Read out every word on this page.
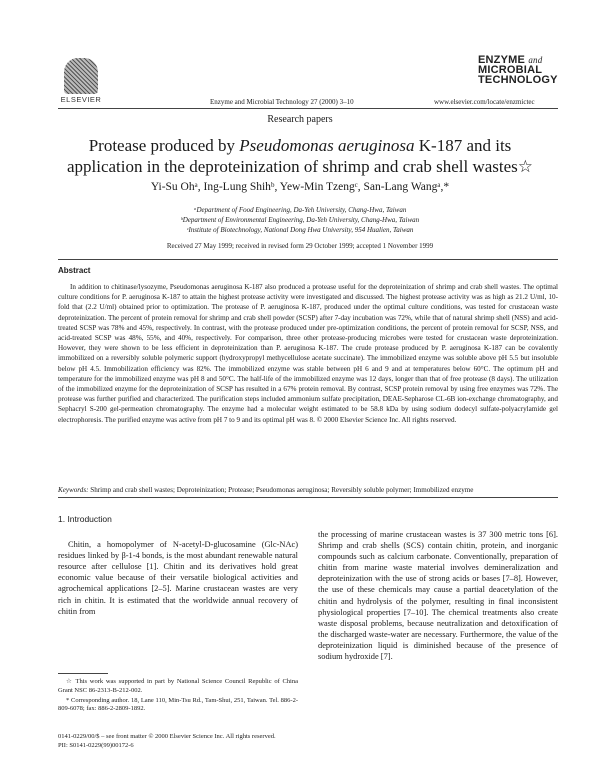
ELSEVIER	Enzyme and Microbial Technology 27 (2000) 3–10	www.elsevier.com/locate/enzmictec
ENZYME and
MICROBIAL
TECHNOLOGY
Research papers
Protease produced by Pseudomonas aeruginosa K-187 and its
application in the deproteinization of shrimp and crab shell wastes☆
Yi-Su Ohᵃ, Ing-Lung Shihᵇ, Yew-Min Tzengᶜ, San-Lang Wangᵃ,*
ᵃDepartment of Food Engineering, Da-Yeh University, Chang-Hwa, Taiwan
ᵇDepartment of Environmental Engineering, Da-Yeh University, Chang-Hwa, Taiwan
ᶜInstitute of Biotechnology, National Dong Hwa University, 954 Hualien, Taiwan
Received 27 May 1999; received in revised form 29 October 1999; accepted 1 November 1999
Abstract
In addition to chitinase/lysozyme, Pseudomonas aeruginosa K-187 also produced a protease useful for the deproteinization of shrimp and crab shell wastes. The optimal culture conditions for P. aeruginosa K-187 to attain the highest protease activity were investigated and discussed. The highest protease activity was as high as 21.2 U/ml, 10-fold that (2.2 U/ml) obtained prior to optimization. The protease of P. aeruginosa K-187, produced under the optimal culture conditions, was tested for crustacean waste deproteinization. The percent of protein removal for shrimp and crab shell powder (SCSP) after 7-day incubation was 72%, while that of natural shrimp shell (NSS) and acid-treated SCSP was 78% and 45%, respectively. In contrast, with the protease produced under pre-optimization conditions, the percent of protein removal for SCSP, NSS, and acid-treated SCSP was 48%, 55%, and 40%, respectively. For comparison, three other protease-producing microbes were tested for crustacean waste deproteinization. However, they were shown to be less efficient in deproteinization than P. aeruginosa K-187. The crude protease produced by P. aeruginosa K-187 can be covalently immobilized on a reversibly soluble polymeric support (hydroxypropyl methycellulose acetate succinate). The immobilized enzyme was soluble above pH 5.5 but insoluble below pH 4.5. Immobilization efficiency was 82%. The immobilized enzyme was stable between pH 6 and 9 and at temperatures below 60°C. The optimum pH and temperature for the immobilized enzyme was pH 8 and 50°C. The half-life of the immobilized enzyme was 12 days, longer than that of free protease (8 days). The utilization of the immobilized enzyme for the deproteinization of SCSP has resulted in a 67% protein removal. By contrast, SCSP protein removal by using free enzymes was 72%. The protease was further purified and characterized. The purification steps included ammonium sulfate precipitation, DEAE-Sepharose CL-6B ion-exchange chromatography, and Sephacryl S-200 gel-permeation chromatography. The enzyme had a molecular weight estimated to be 58.8 kDa by using sodium dodecyl sulfate-polyacrylamide gel electrophoresis. The purified enzyme was active from pH 7 to 9 and its optimal pH was 8. © 2000 Elsevier Science Inc. All rights reserved.
Keywords: Shrimp and crab shell wastes; Deproteinization; Protease; Pseudomonas aeruginosa; Reversibly soluble polymer; Immobilized enzyme
1. Introduction

Chitin, a homopolymer of N-acetyl-D-glucosamine (Glc-NAc) residues linked by β-1-4 bonds, is the most abundant renewable natural resource after cellulose [1]. Chitin and its derivatives hold great economic value because of their versatile biological activities and agrochemical applications [2–5]. Marine crustacean wastes are very rich in chitin. It is estimated that the worldwide annual recovery of chitin from

the processing of marine crustacean wastes is 37 300 metric tons [6]. Shrimp and crab shells (SCS) contain chitin, protein, and inorganic compounds such as calcium carbonate. Conventionally, preparation of chitin from marine waste material involves demineralization and deproteinization with the use of strong acids or bases [7–8]. However, the use of these chemicals may cause a partial deacetylation of the chitin and hydrolysis of the polymer, resulting in final inconsistent physiological properties [7–10]. The chemical treatments also create waste disposal problems, because neutralization and detoxification of the discharged waste-water are necessary. Furthermore, the value of the deproteinization liquid is diminished because of the presence of sodium hydroxide [7].

☆ This work was supported in part by National Science Council Republic of China Grant NSC 86-2313-B-212-002.

* Corresponding author. 18, Lane 110, Min-Tsu Rd., Tam-Shui, 251, Taiwan. Tel. 886-2-809-6078; fax: 886-2-2809-1892.

0141-0229/00/$ – see front matter © 2000 Elsevier Science Inc. All rights reserved.
PII: S0141-0229(99)00172-6
